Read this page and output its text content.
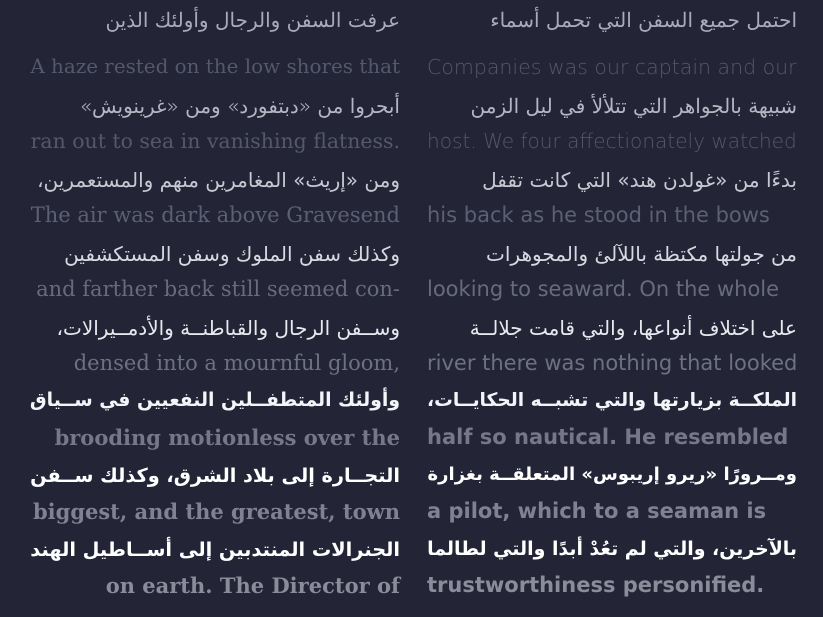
عرفت السفن والرجال وأولئك الذين
A haze rested on the low shores that
أبحروا من «دبتفورد» ومن «غرينويش»
ran out to sea in vanishing flatness.
ومن «إريث» المغامرين منهم والمستعمرين،
The air was dark above Gravesend
وكذلك سفن الملوك وسفن المستكشفين
and farther back still seemed con-
وســفن الرجال والقباطنــة والأدمــيرالات،
densed into a mournful gloom,
وأولئك المتطفــلين النفعيين في ســياق
brooding motionless over the
التجــارة إلى بلاد الشرق، وكذلك ســفن
biggest, and the greatest, town
الجنرالات المنتدبين إلى أســاطيل الهند
on earth. The Director of
احتمل جميع السفن التي تحمل أسماء
Companies was our captain and our
شبيهة بالجواهر التي تتلألأ في ليل الزمن
host. We four affectionately watched
بدءًا من «غولدن هند» التي كانت تقفل
his back as he stood in the bows
من جولتها مكتظة باللآلئ والمجوهرات
looking to seaward. On the whole
على اختلاف أنواعها، والتي قامت جلالــة
river there was nothing that looked
الملكــة بزيارتها والتي تشبــه الحكايــات،
half so nautical. He resembled
ومــرورًا «ريرو إريبوس» المتعلقــة بغزارة
a pilot, which to a seaman is
بالآخرين، والتي لم تعُدْ أبدًا والتي لطالما
trustworthiness personified.
